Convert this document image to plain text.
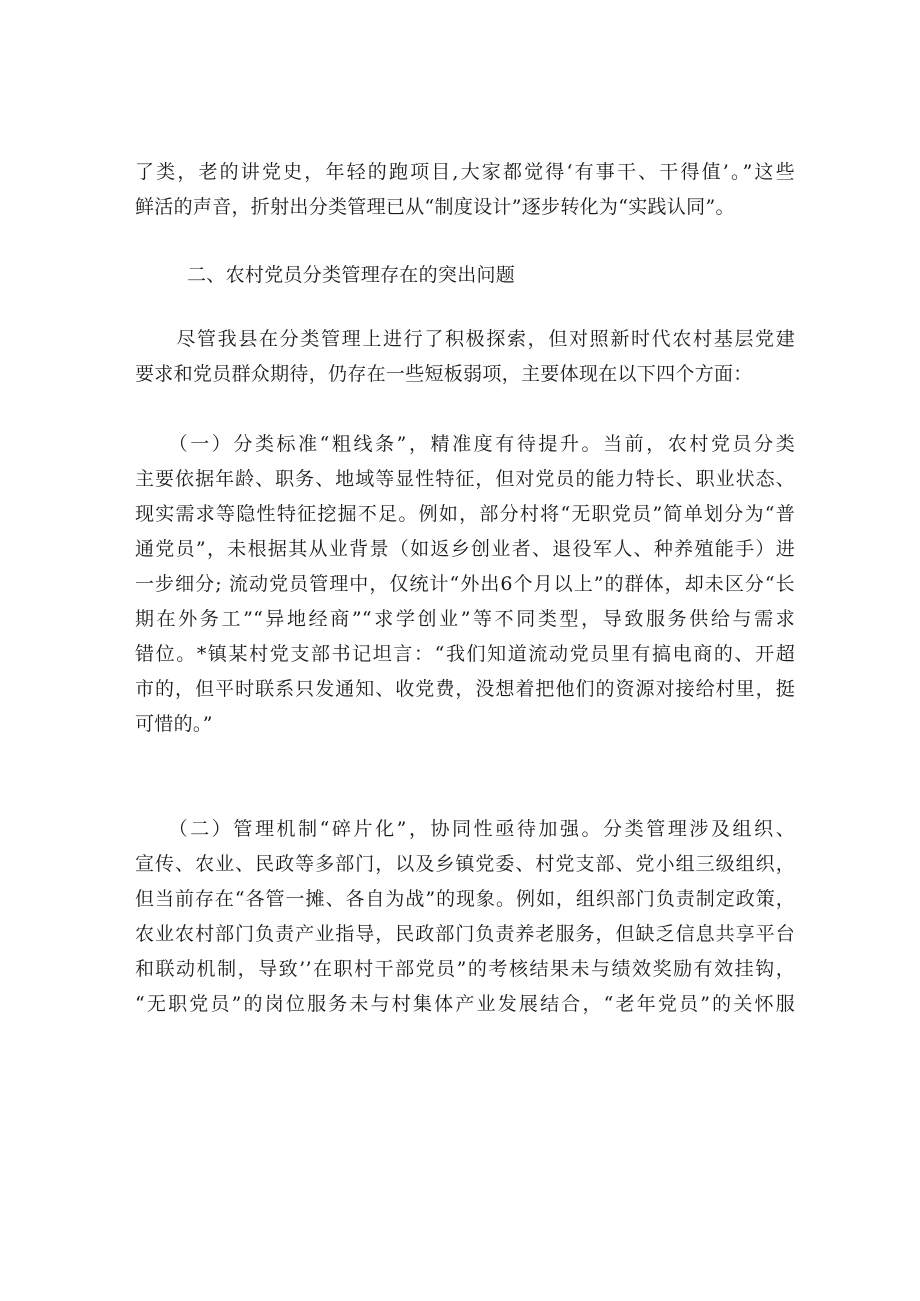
了类，老的讲党史，年轻的跑项目,大家都觉得‘有事干、干得值’。”这些
鲜活的声音，折射出分类管理已从“制度设计”逐步转化为“实践认同”。
二、农村党员分类管理存在的突出问题
　　尽管我县在分类管理上进行了积极探索，但对照新时代农村基层党建
要求和党员群众期待，仍存在一些短板弱项，主要体现在以下四个方面：
　　（一）分类标准“粗线条”，精准度有待提升。当前，农村党员分类
主要依据年龄、职务、地域等显性特征，但对党员的能力特长、职业状态、
现实需求等隐性特征挖掘不足。例如，部分村将“无职党员”简单划分为“普
通党员”，未根据其从业背景（如返乡创业者、退役军人、种养殖能手）进
一步细分; 流动党员管理中，仅统计“外出6个月以上”的群体，却未区分“长
期在外务工”“异地经商”“求学创业”等不同类型，导致服务供给与需求
错位。*镇某村党支部书记坦言：“我们知道流动党员里有搞电商的、开超
市的，但平时联系只发通知、收党费，没想着把他们的资源对接给村里，挺
可惜的。”
　　（二）管理机制“碎片化”，协同性亟待加强。分类管理涉及组织、
宣传、农业、民政等多部门，以及乡镇党委、村党支部、党小组三级组织，
但当前存在“各管一摊、各自为战”的现象。例如，组织部门负责制定政策，
农业农村部门负责产业指导，民政部门负责养老服务，但缺乏信息共享平台
和联动机制，导致’’在职村干部党员”的考核结果未与绩效奖励有效挂钩，
“无职党员”的岗位服务未与村集体产业发展结合，“老年党员”的关怀服
